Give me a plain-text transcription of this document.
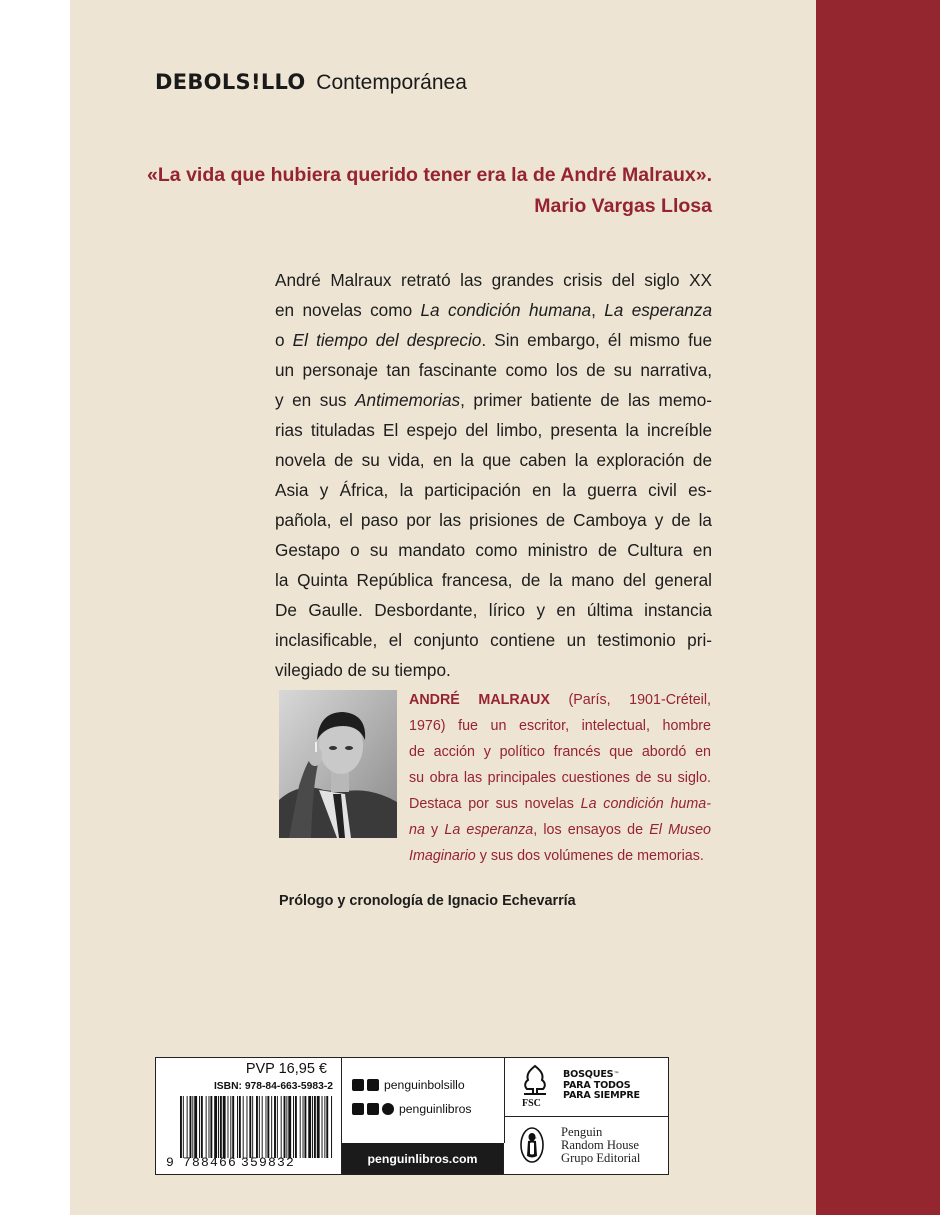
DEBOLS!LLO Contemporánea
«La vida que hubiera querido tener era la de André Malraux».
Mario Vargas Llosa
André Malraux retrató las grandes crisis del siglo XX
en novelas como La condición humana, La esperanza
o El tiempo del desprecio. Sin embargo, él mismo fue
un personaje tan fascinante como los de su narrativa,
y en sus Antimemorias, primer batiente de las memo-
rias tituladas El espejo del limbo, presenta la increíble
novela de su vida, en la que caben la exploración de
Asia y África, la participación en la guerra civil es-
pañola, el paso por las prisiones de Camboya y de la
Gestapo o su mandato como ministro de Cultura en
la Quinta República francesa, de la mano del general
De Gaulle. Desbordante, lírico y en última instancia
inclasificable, el conjunto contiene un testimonio pri-
vilegiado de su tiempo.
ANDRÉ MALRAUX (París, 1901-Créteil,
1976) fue un escritor, intelectual, hombre
de acción y político francés que abordó en
su obra las principales cuestiones de su siglo.
Destaca por sus novelas La condición huma-
na y La esperanza, los ensayos de El Museo
Imaginario y sus dos volúmenes de memorias.
Prólogo y cronología de Ignacio Echevarría
PVP 16,95 €
ISBN: 978-84-663-5983-2
9 788466 359832
penguinbolsillo
penguinlibros
penguinlibros.com
FSC
BOSQUES™
PARA TODOS
PARA SIEMPRE
Penguin
Random House
Grupo Editorial
